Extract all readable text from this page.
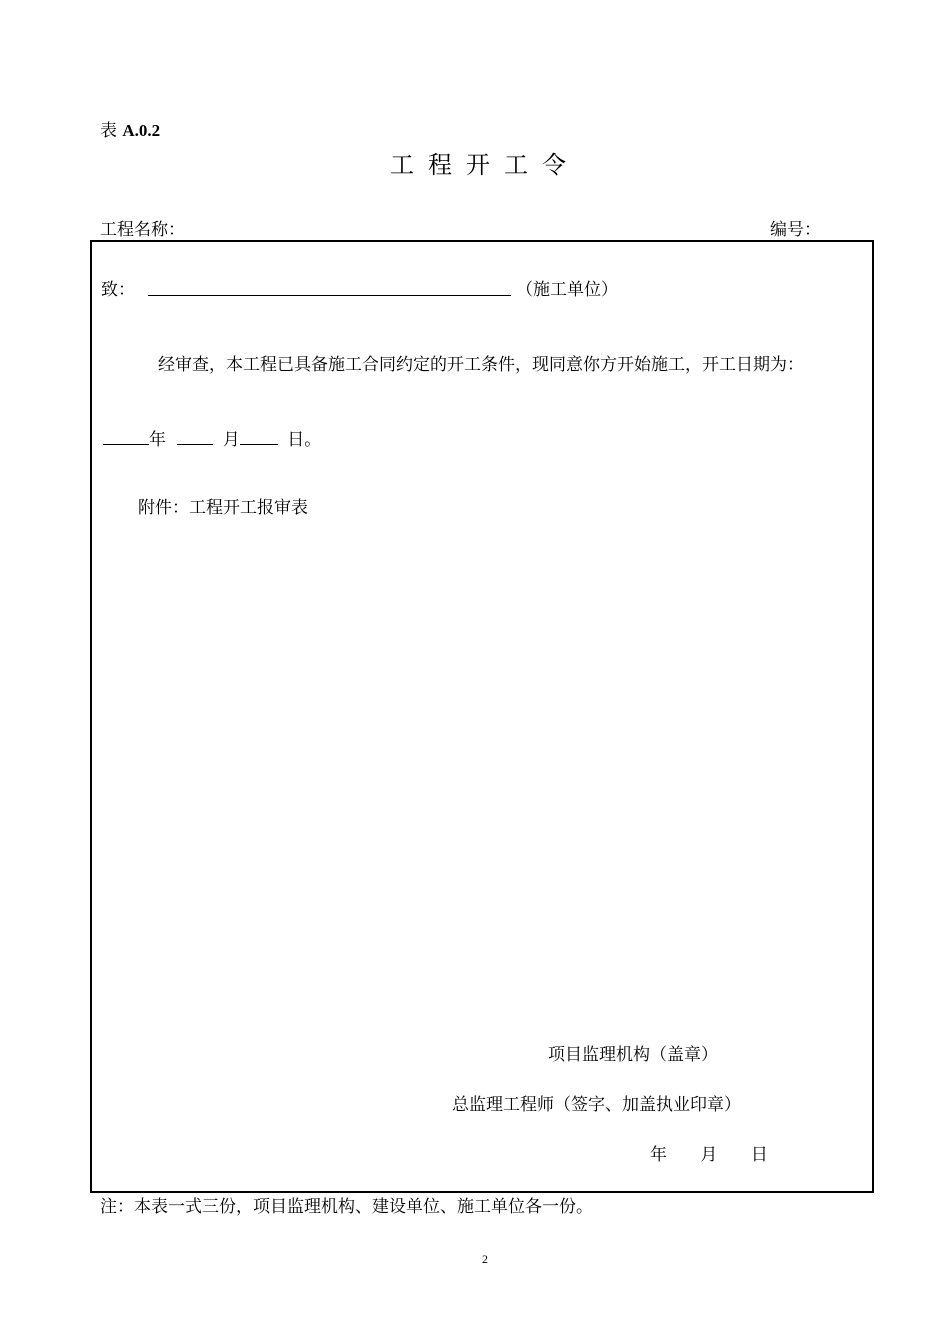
表 A.0.2
工程开工令
工程名称：	编号：
致：	（施工单位）
经审查，本工程已具备施工合同约定的开工条件，现同意你方开始施工，开工日期为：
年	月	日。
附件：工程开工报审表
项目监理机构（盖章）
总监理工程师（签字、加盖执业印章）
年 月 日
注：本表一式三份，项目监理机构、建设单位、施工单位各一份。
2
